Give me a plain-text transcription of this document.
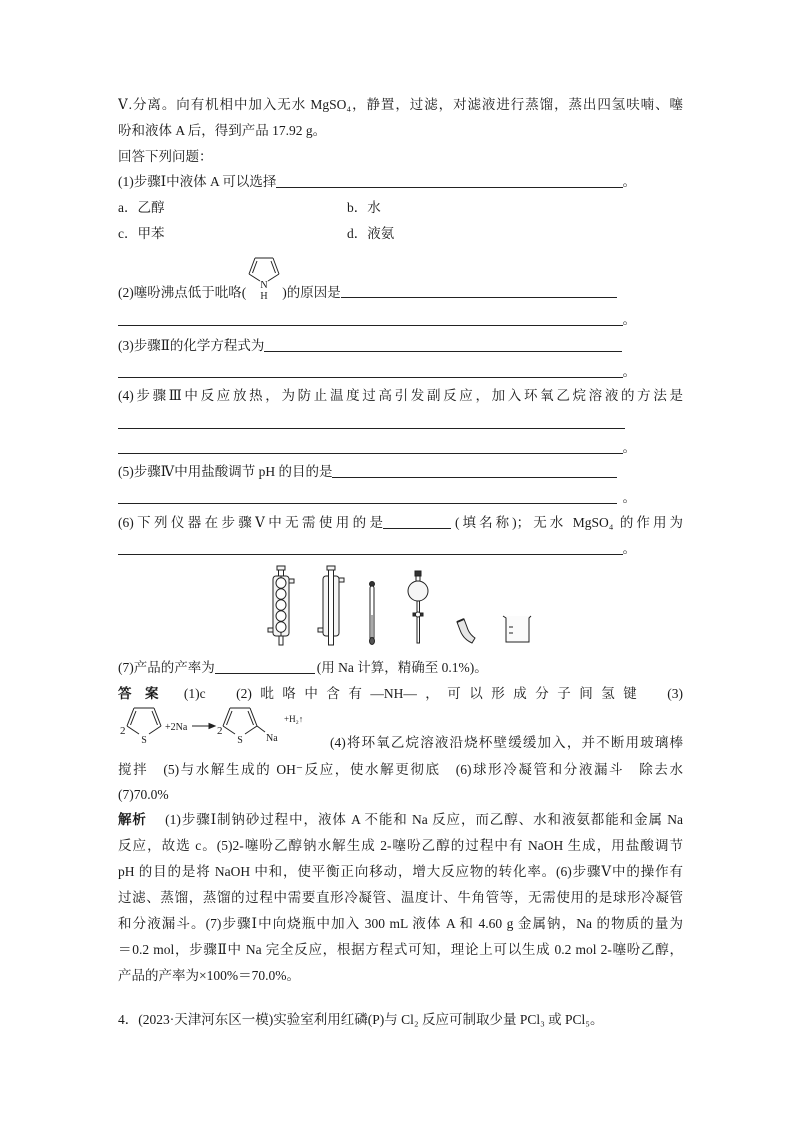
Ⅴ.分离。向有机相中加入无水 MgSO₄，静置，过滤，对滤液进行蒸馏，蒸出四氢呋喃、噻
吩和液体 A 后，得到产品 17.92 g。
回答下列问题：
(1)步骤Ⅰ中液体 A 可以选择	。
a．乙醇	b．水
c．甲苯	d．液氨
(2)噻吩沸点低于吡咯( N
H )的原因是
。
(3)步骤Ⅱ的化学方程式为
。
(4)步骤Ⅲ中反应放热，为防止温度过高引发副反应，加入环氧乙烷溶液的方法是
。
(5)步骤Ⅳ中用盐酸调节 pH 的目的是
。
(6)下列仪器在步骤Ⅴ中无需使用的是	(填名称)；无水 MgSO₄ 的作用为
。
(7)产品的产率为	(用 Na 计算，精确至 0.1%)。
答案 (1)c　(2)吡咯中含有—NH—，可以形成分子间氢键　(3)
2
S
+2Na	2
S Na
+H₂↑
(4)将环氧乙烷溶液沿烧杯壁缓缓加入，并不断用玻璃棒
搅拌　(5)与水解生成的 OH⁻反应，使水解更彻底　(6)球形冷凝管和分液漏斗　除去水
(7)70.0%
解析 (1)步骤Ⅰ制钠砂过程中，液体 A 不能和 Na 反应，而乙醇、水和液氨都能和金属 Na
反应，故选 c。(5)2-噻吩乙醇钠水解生成 2-噻吩乙醇的过程中有 NaOH 生成，用盐酸调节
pH 的目的是将 NaOH 中和，使平衡正向移动，增大反应物的转化率。(6)步骤Ⅴ中的操作有
过滤、蒸馏，蒸馏的过程中需要直形冷凝管、温度计、牛角管等，无需使用的是球形冷凝管
和分液漏斗。(7)步骤Ⅰ中向烧瓶中加入 300 mL 液体 A 和 4.60 g 金属钠，Na 的物质的量为
＝0.2 mol，步骤Ⅱ中 Na 完全反应，根据方程式可知，理论上可以生成 0.2 mol 2-噻吩乙醇，
产品的产率为×100%＝70.0%。
4．(2023·天津河东区一模)实验室利用红磷(P)与 Cl₂ 反应可制取少量 PCl₃ 或 PCl₅。
